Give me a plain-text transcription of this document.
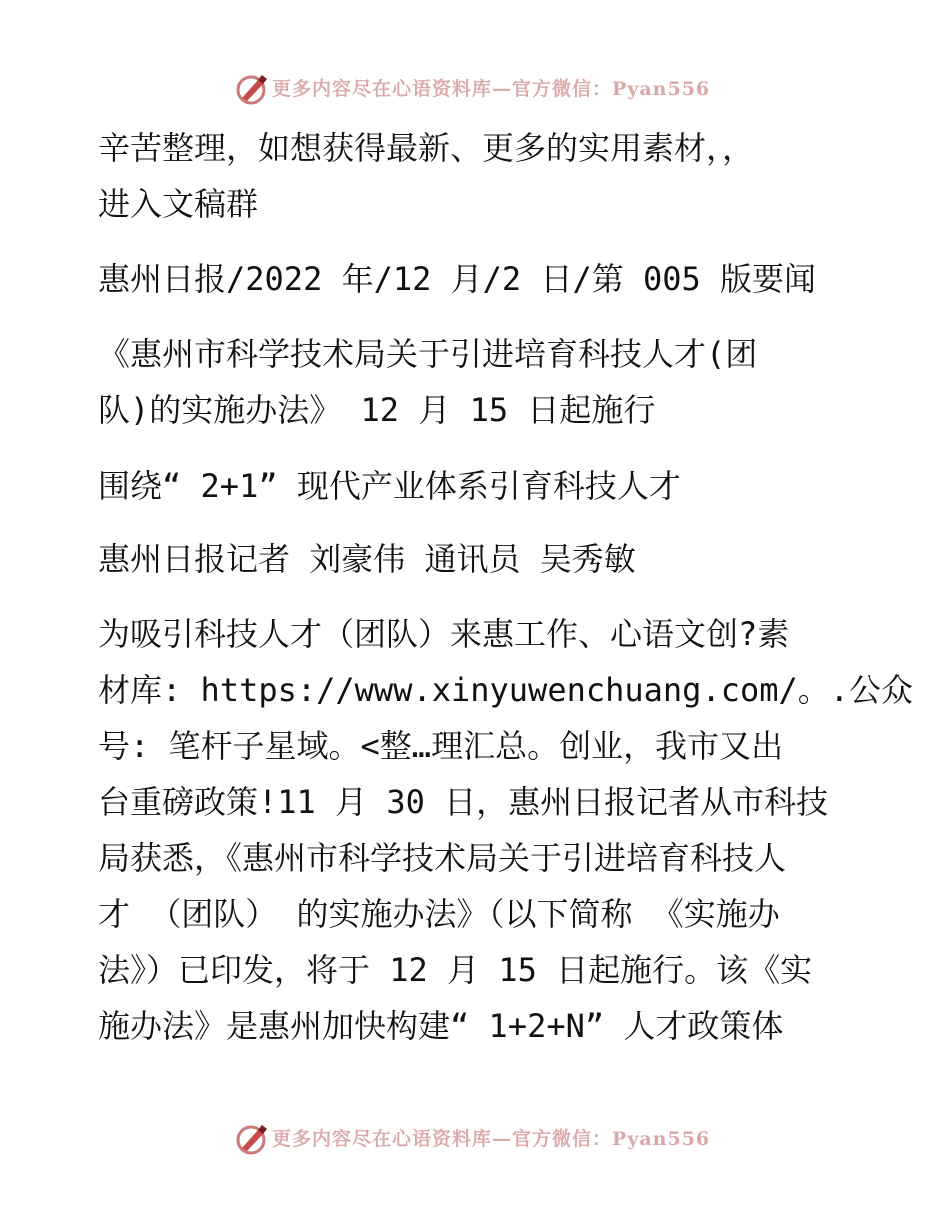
更多内容尽在心语资料库—官方微信：Pyan556
辛苦整理，如想获得最新、更多的实用素材，，
进入文稿群
惠州日报/2022 年/12 月/2 日/第 005 版要闻
《惠州市科学技术局关于引进培育科技人才(团
队)的实施办法》 12 月 15 日起施行
围绕“ 2+1” 现代产业体系引育科技人才
惠州日报记者 刘豪伟 通讯员 吴秀敏
为吸引科技人才（团队）来惠工作、心语文创?素
材库: https://www.xinyuwenchuang.com/。.公众
号: 笔杆子星域。<整…理汇总。创业，我市又出
台重磅政策!11 月 30 日，惠州日报记者从市科技
局获悉，《惠州市科学技术局关于引进培育科技人
才 （团队） 的实施办法》（以下简称 《实施办
法》）已印发，将于 12 月 15 日起施行。该《实
施办法》是惠州加快构建“ 1+2+N” 人才政策体
更多内容尽在心语资料库—官方微信：Pyan556
